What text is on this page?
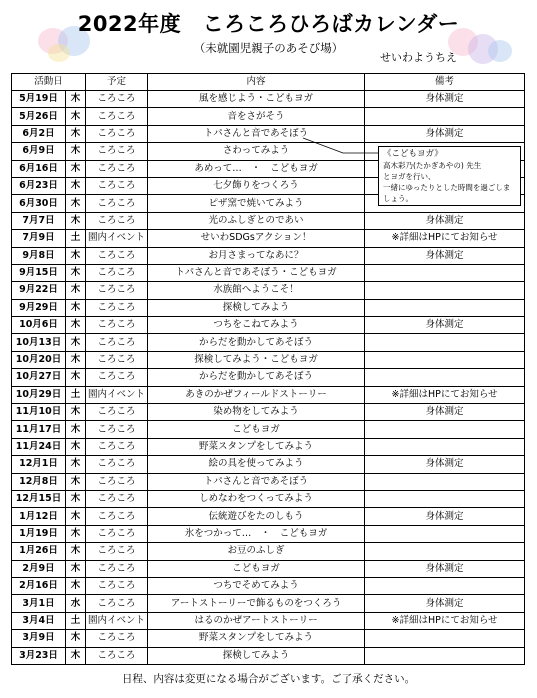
2022年度　ころころひろばカレンダー
（未就園児親子のあそび場）
せいわようちえ
活動日		予定	内容	備考
5月19日	木	ころころ	風を感じよう・こどもヨガ	身体測定
5月26日	木	ころころ	音をさがそう	
6月2日	木	ころころ	トパさんと音であそぼう	身体測定
6月9日	木	ころころ	さわってみよう	
6月16日	木	ころころ	あめって…　・　こどもヨガ	
6月23日	木	ころころ	七夕飾りをつくろう	
6月30日	木	ころころ	ピザ窯で焼いてみよう	
7月7日	木	ころころ	光のふしぎとのであい	身体測定
7月9日	土	園内イベント	せいわSDGsアクション！	※詳細はHPにてお知らせ
9月8日	木	ころころ	お月さまってなあに？	身体測定
9月15日	木	ころころ	トパさんと音であそぼう・こどもヨガ	
9月22日	木	ころころ	水族館へようこそ！	
9月29日	木	ころころ	探検してみよう	
10月6日	木	ころころ	つちをこねてみよう	身体測定
10月13日	木	ころころ	からだを動かしてあそぼう	
10月20日	木	ころころ	探検してみよう・こどもヨガ	
10月27日	木	ころころ	からだを動かしてあそぼう	
10月29日	土	園内イベント	あきのかぜフィールドストーリー	※詳細はHPにてお知らせ
11月10日	木	ころころ	染め物をしてみよう	身体測定
11月17日	木	ころころ	こどもヨガ	
11月24日	木	ころころ	野菜スタンプをしてみよう	
12月1日	木	ころころ	絵の具を使ってみよう	身体測定
12月8日	木	ころころ	トパさんと音であそぼう	
12月15日	木	ころころ	しめなわをつくってみよう	
1月12日	木	ころころ	伝統遊びをたのしもう	身体測定
1月19日	木	ころころ	氷をつかって…　・　こどもヨガ	
1月26日	木	ころころ	お豆のふしぎ	
2月9日	木	ころころ	こどもヨガ	身体測定
2月16日	木	ころころ	つちでそめてみよう	
3月1日	水	ころころ	アートストーリーで飾るものをつくろう	身体測定
3月4日	土	園内イベント	はるのかぜアートストーリー	※詳細はHPにてお知らせ
3月9日	木	ころころ	野菜スタンプをしてみよう	
3月23日	木	ころころ	探検してみよう	
《こどもヨガ》
高木彩乃(たかぎあやの) 先生
とヨガを行い、
一緒にゆったりとした時間を過ごしましょう。
日程、内容は変更になる場合がございます。ご了承ください。
